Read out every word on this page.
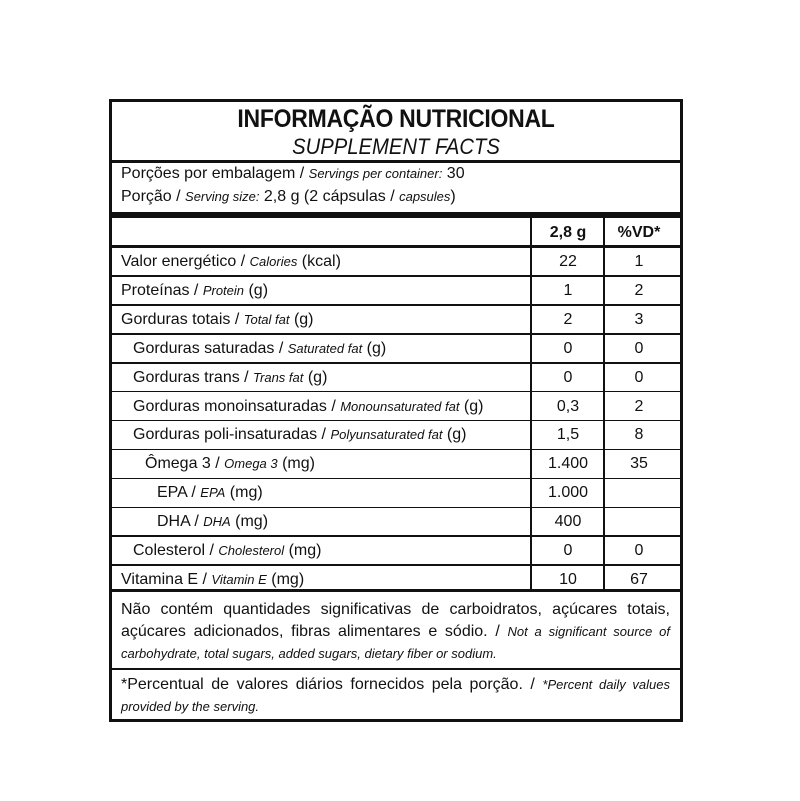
INFORMAÇÃO NUTRICIONAL
SUPPLEMENT FACTS
Porções por embalagem / Servings per container: 30
Porção / Serving size: 2,8 g (2 cápsulas / capsules)
2,8 g	%VD*
Valor energético / Calories (kcal)	22	1
Proteínas / Protein (g)	1	2
Gorduras totais / Total fat (g)	2	3
Gorduras saturadas / Saturated fat (g)	0	0
Gorduras trans / Trans fat (g)	0	0
Gorduras monoinsaturadas / Monounsaturated fat (g)	0,3	2
Gorduras poli-insaturadas / Polyunsaturated fat (g)	1,5	8
Ômega 3 / Omega 3 (mg)	1.400	35
EPA / EPA (mg)	1.000
DHA / DHA (mg)	400
Colesterol / Cholesterol (mg)	0	0
Vitamina E / Vitamin E (mg)	10	67
Não contém quantidades significativas de carboidratos, açúcares totais, açúcares adicionados, fibras alimentares e sódio. / Not a significant source of carbohydrate, total sugars, added sugars, dietary fiber or sodium.
*Percentual de valores diários fornecidos pela porção. / *Percent daily values provided by the serving.
